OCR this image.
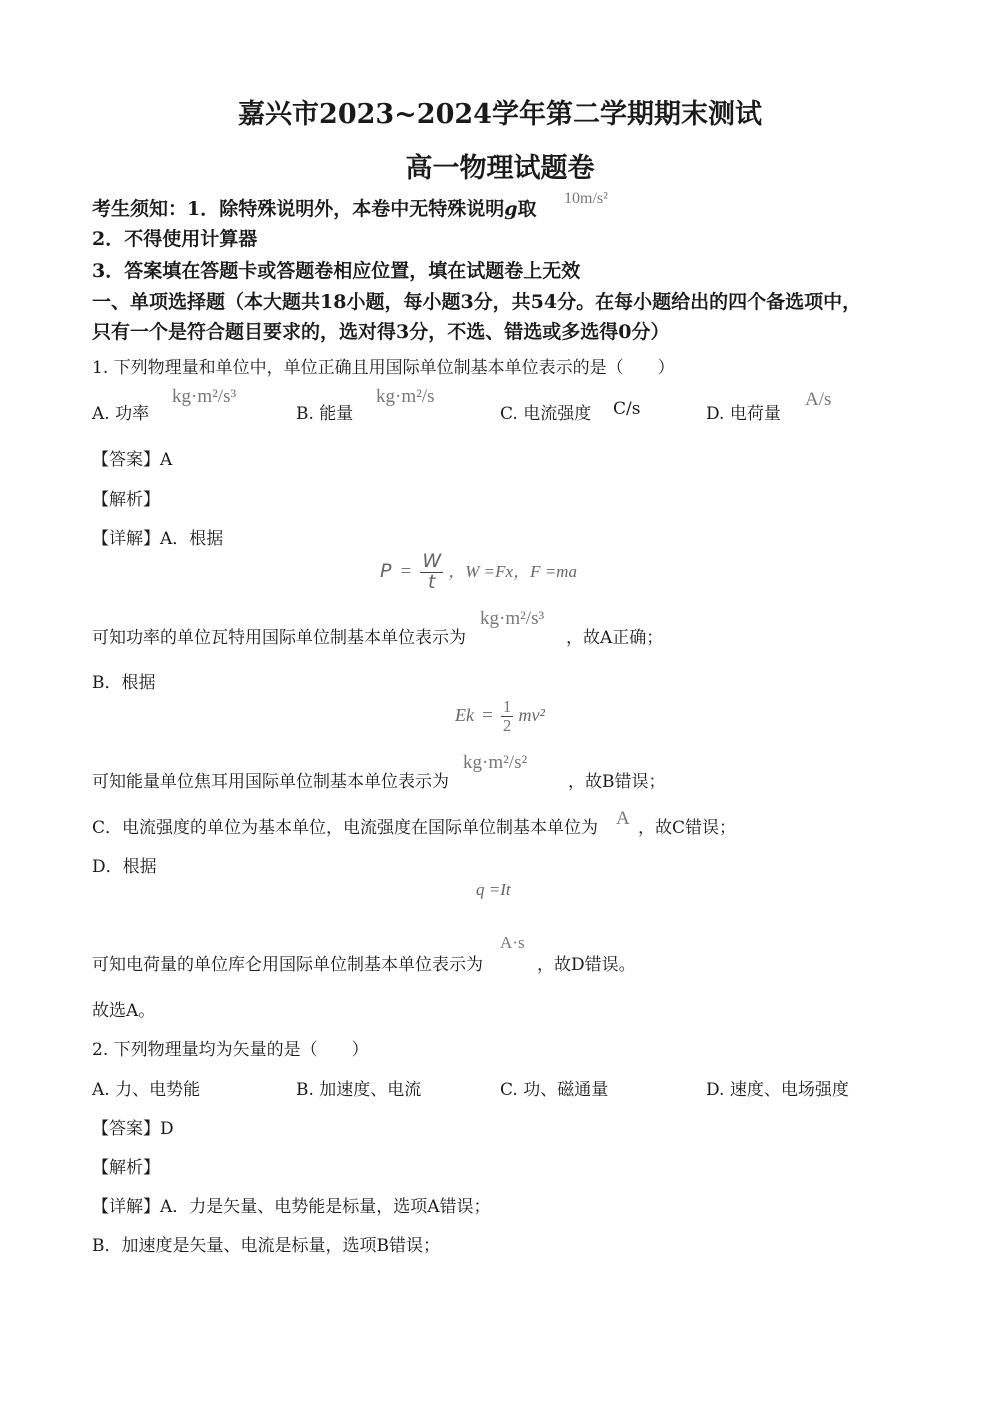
嘉兴市2023~2024学年第二学期期末测试
高一物理试题卷
考生须知：1．除特殊说明外，本卷中无特殊说明g取 10m/s²
2．不得使用计算器
3．答案填在答题卡或答题卷相应位置，填在试题卷上无效
一、单项选择题（本大题共18小题，每小题3分，共54分。在每小题给出的四个备选项中，
只有一个是符合题目要求的，选对得3分，不选、错选或多选得0分）
1. 下列物理量和单位中，单位正确且用国际单位制基本单位表示的是（　　）
A. 功率
kg·m²/s³
B. 能量
kg·m²/s
C. 电流强度 C/s	D. 电荷量
A/s
【答案】A
【解析】
【详解】A．根据
$P = \frac{W}{t}$ ，W =Fx，F =ma
可知功率的单位瓦特用国际单位制基本单位表示为
kg·m²/s³
，故A正确；
B．根据
$Ek = \frac{1}{2} mv^2$
可知能量单位焦耳用国际单位制基本单位表示为
kg·m²/s²
，故B错误；
C．电流强度的单位为基本单位，电流强度在国际单位制基本单位为 A ，故C错误；
D．根据
q =It
可知电荷量的单位库仑用国际单位制基本单位表示为
A·s
，故D错误。
故选A。
2. 下列物理量均为矢量的是（　　）
A. 力、电势能	B. 加速度、电流	C. 功、磁通量	D. 速度、电场强度
【答案】D
【解析】
【详解】A．力是矢量、电势能是标量，选项A错误；
B．加速度是矢量、电流是标量，选项B错误；
